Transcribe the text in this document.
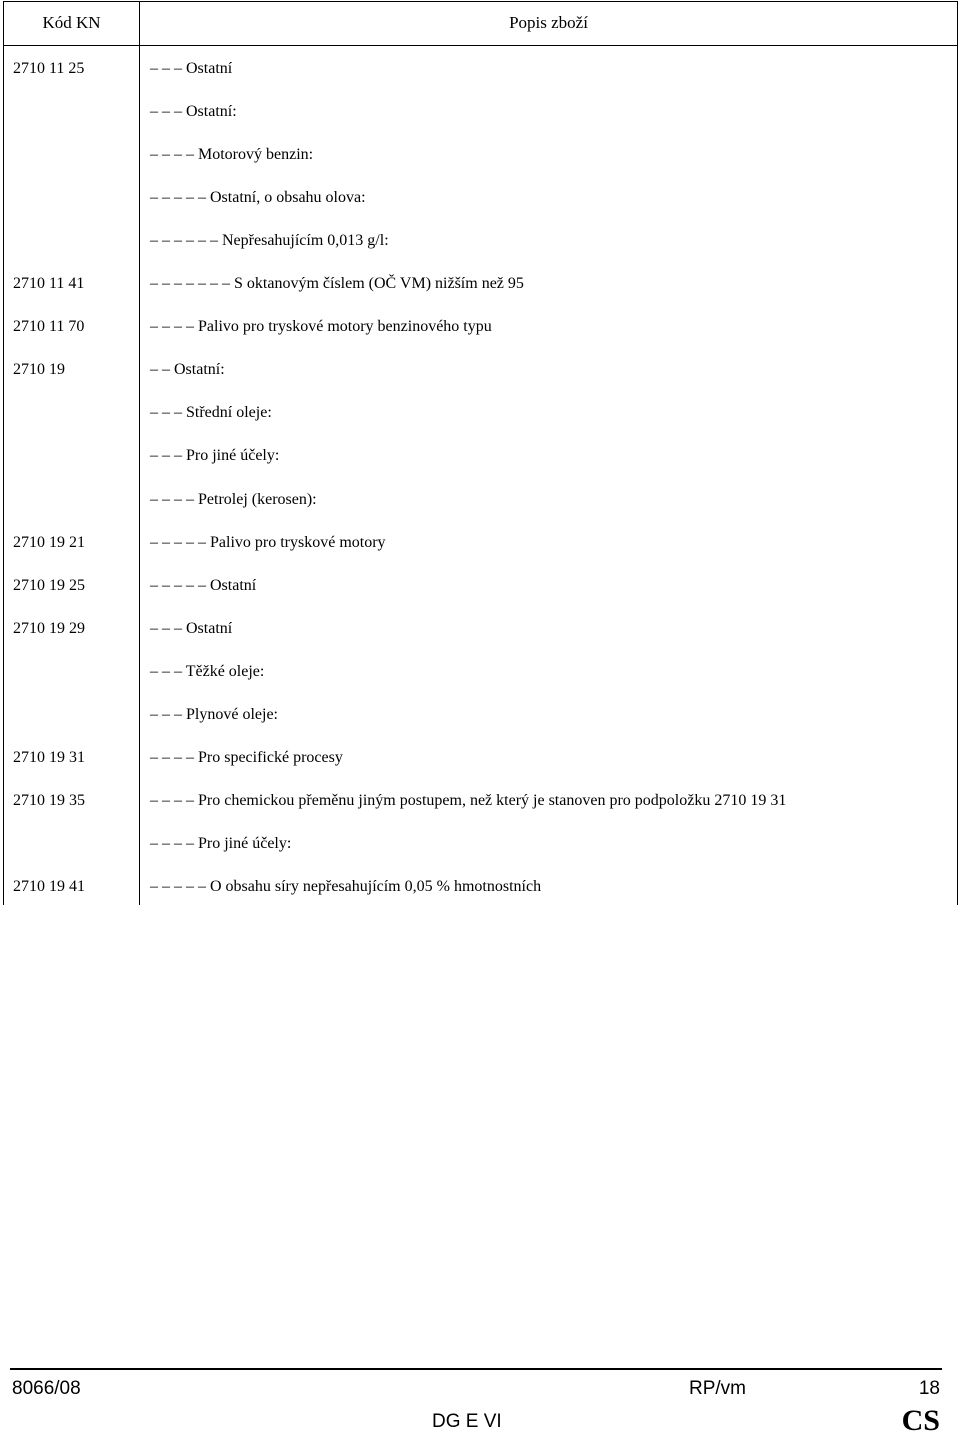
Kód KN	Popis zboží
2710 11 25	– – – Ostatní
– – – Ostatní:
– – – – Motorový benzin:
– – – – – Ostatní, o obsahu olova:
– – – – – – Nepřesahujícím 0,013 g/l:
2710 11 41	– – – – – – – S oktanovým číslem (OČ VM) nižším než 95
2710 11 70	– – – – Palivo pro tryskové motory benzinového typu
2710 19	– – Ostatní:
– – – Střední oleje:
– – – Pro jiné účely:
– – – – Petrolej (kerosen):
2710 19 21	– – – – – Palivo pro tryskové motory
2710 19 25	– – – – – Ostatní
2710 19 29	– – – Ostatní
– – – Těžké oleje:
– – – Plynové oleje:
2710 19 31	– – – – Pro specifické procesy
2710 19 35	– – – – Pro chemickou přeměnu jiným postupem, než který je stanoven pro podpoložku 2710 19 31
– – – – Pro jiné účely:
2710 19 41	– – – – – O obsahu síry nepřesahujícím 0,05 % hmotnostních
8066/08	RP/vm	18
DG E VI	CS
